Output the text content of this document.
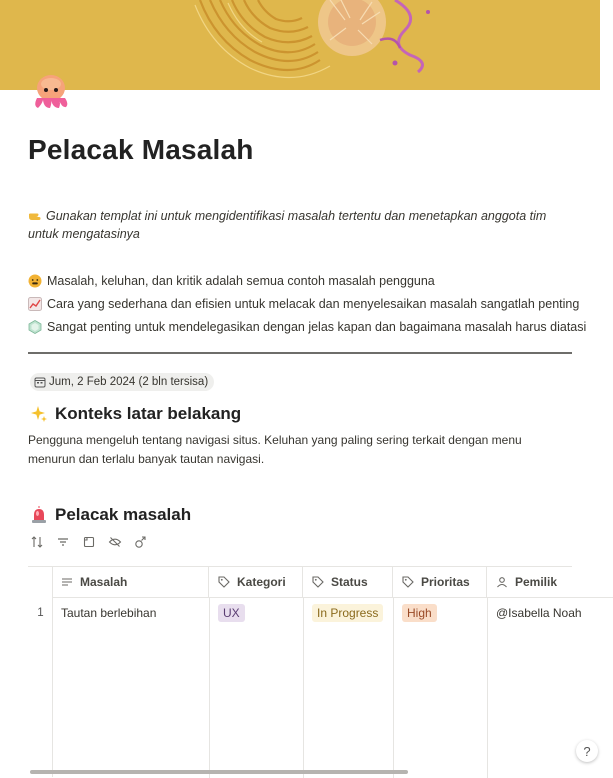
Pelacak Masalah
Gunakan templat ini untuk mengidentifikasi masalah tertentu dan menetapkan anggota tim untuk mengatasinya
Masalah, keluhan, dan kritik adalah semua contoh masalah pengguna
Cara yang sederhana dan efisien untuk melacak dan menyelesaikan masalah sangatlah penting
Sangat penting untuk mendelegasikan dengan jelas kapan dan bagaimana masalah harus diatasi
Jum, 2 Feb 2024 (2 bln tersisa)
Konteks latar belakang
Pengguna mengeluh tentang navigasi situs. Keluhan yang paling sering terkait dengan menu menurun dan terlalu banyak tautan navigasi.
Pelacak masalah
Masalah	Kategori	Status	Prioritas	Pemilik
1	Tautan berlebihan	UX	In Progress	High	@Isabella Noah
?
